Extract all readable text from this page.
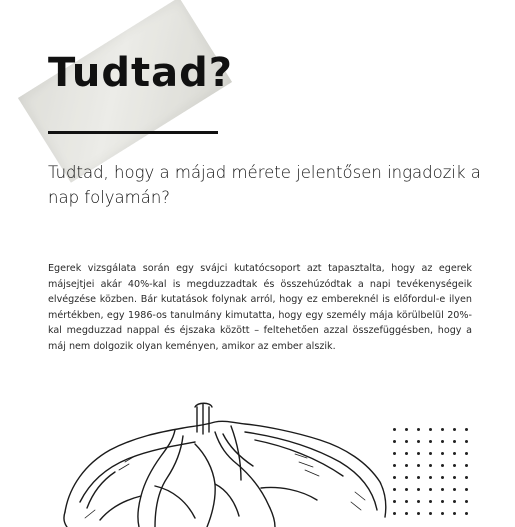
Tudtad?

Tudtad, hogy a májad mérete jelentősen ingadozik a nap folyamán?

Egerek vizsgálata során egy svájci kutatócsoport azt tapasztalta, hogy az egerek májsejtjei akár 40%-kal is megduzzadtak és összehúzódtak a napi tevékenységeik elvégzése közben. Bár kutatások folynak arról, hogy ez embereknél is előfordul-e ilyen mértékben, egy 1986-os tanulmány kimutatta, hogy egy személy mája körülbelül 20%-kal megduzzad nappal és éjszaka között – feltehetően azzal összefüggésben, hogy a máj nem dolgozik olyan keményen, amikor az ember alszik.
